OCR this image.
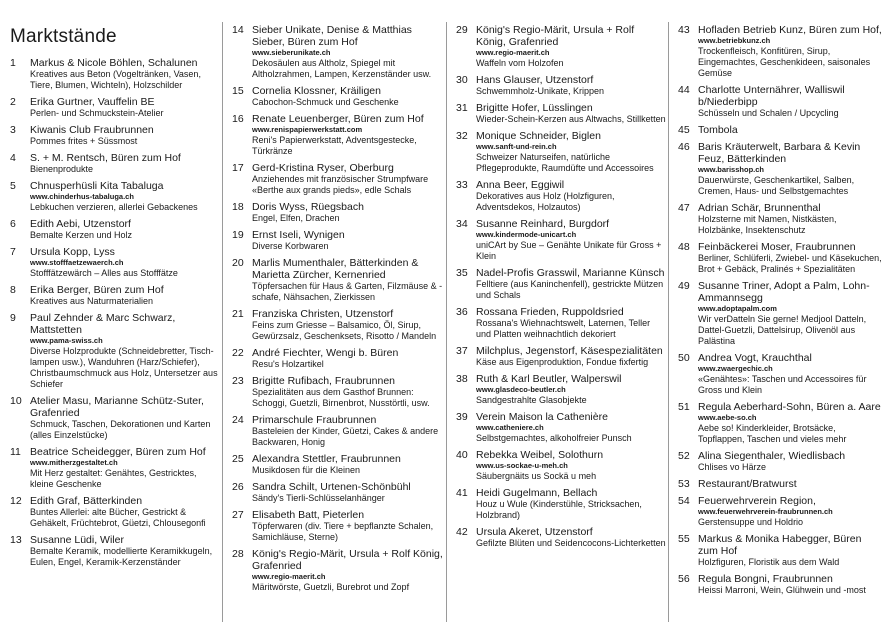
Marktstände
1	Markus & Nicole Böhlen, Schalunen
Kreatives aus Beton (Vogeltränken, Vasen, Tiere, Blumen, Wichteln), Holzschilder
2	Erika Gurtner, Vauffelin BE
Perlen- und Schmuckstein-Atelier
3	Kiwanis Club Fraubrunnen
Pommes frites + Süssmost
4	S. + M. Rentsch, Büren zum Hof
Bienenprodukte
5	Chnusperhüsli Kita Tabaluga
www.chinderhus-tabaluga.ch
Lebkuchen verzieren, allerlei Gebackenes
6	Edith Aebi, Utzenstorf
Bemalte Kerzen und Holz
7	Ursula Kopp, Lyss
www.stofffaetzewaerch.ch
Stofffätzewärch – Alles aus Stofffätze
8	Erika Berger, Büren zum Hof
Kreatives aus Naturmaterialien
9	Paul Zehnder & Marc Schwarz, Mattstetten
www.pama-swiss.ch
Diverse Holzprodukte (Schneidebretter, Tisch-lampen usw.), Wanduhren (Harz/Schiefer), Christbaumschmuck aus Holz, Untersetzer aus Schiefer
10 Atelier Masu, Marianne Schütz-Suter, Grafenried
Schmuck, Taschen, Dekorationen und Karten (alles Einzelstücke)
11 Beatrice Scheidegger, Büren zum Hof
www.mitherzgestaltet.ch
Mit Herz gestaltet: Genähtes, Gestricktes, kleine Geschenke
12 Edith Graf, Bätterkinden
Buntes Allerlei: alte Bücher, Gestrickt & Gehäkelt, Früchtebrot, Güetzi, Chlousegonfi
13 Susanne Lüdi, Wiler
Bemalte Keramik, modellierte Keramikkugeln, Eulen, Engel, Keramik-Kerzenständer
14 Sieber Unikate, Denise & Matthias Sieber, Büren zum Hof
www.sieberunikate.ch
Dekosäulen aus Altholz, Spiegel mit Altholzrahmen, Lampen, Kerzenständer usw.
15 Cornelia Klossner, Kräiligen
Cabochon-Schmuck und Geschenke
16 Renate Leuenberger, Büren zum Hof
www.renispapierwerkstatt.com
Reni's Papierwerkstatt, Adventsgestecke, Türkränze
17 Gerd-Kristina Ryser, Oberburg
Anziehendes mit französischer Strumpfware «Berthe aux grands pieds», edle Schals
18 Doris Wyss, Rüegsbach
Engel, Elfen, Drachen
19 Ernst Iseli, Wynigen
Diverse Korbwaren
20 Marlis Mumenthaler, Bätterkinden & Marietta Zürcher, Kernenried
Töpfersachen für Haus & Garten, Filzmäuse & -schafe, Nähsachen, Zierkissen
21 Franziska Christen, Utzenstorf
Feins zum Griesse – Balsamico, Öl, Sirup, Gewürzsalz, Geschenksets, Risotto / Mandeln
22 André Fiechter, Wengi b. Büren
Resu's Holzartikel
23 Brigitte Rufibach, Fraubrunnen
Spezialitäten aus dem Gasthof Brunnen: Schoggi, Guetzli, Birnenbrot, Nusstörtli, usw.
24 Primarschule Fraubrunnen
Basteleien der Kinder, Güetzi, Cakes & andere Backwaren, Honig
25 Alexandra Stettler, Fraubrunnen
Musikdosen für die Kleinen
26 Sandra Schilt, Urtenen-Schönbühl
Sändy's Tierli-Schlüsselanhänger
27 Elisabeth Batt, Pieterlen
Töpferwaren (div. Tiere + bepflanzte Schalen, Samichläuse, Sterne)
28 König's Regio-Märit, Ursula + Rolf König, Grafenried
www.regio-maerit.ch
Märitwörste, Guetzli, Burebrot und Zopf
29 König's Regio-Märit, Ursula + Rolf König, Grafenried
www.regio-maerit.ch
Waffeln vom Holzofen
30 Hans Glauser, Utzenstorf
Schwemmholz-Unikate, Krippen
31 Brigitte Hofer, Lüsslingen
Wieder-Schein-Kerzen aus Altwachs, Stillketten
32 Monique Schneider, Biglen
www.sanft-und-rein.ch
Schweizer Naturseifen, natürliche Pflegeprodukte, Raumdüfte und Accessoires
33 Anna Beer, Eggiwil
Dekoratives aus Holz (Holzfiguren, Adventsdekos, Holzautos)
34 Susanne Reinhard, Burgdorf
www.kindermode-unicart.ch
uniCArt by Sue – Genähte Unikate für Gross + Klein
35 Nadel-Profis Grasswil, Marianne Künsch
Felltiere (aus Kaninchenfell), gestrickte Mützen und Schals
36 Rossana Frieden, Ruppoldsried
Rossana's Wiehnachtswelt, Laternen, Teller und Platten weihnachtlich dekoriert
37 Milchplus, Jegenstorf, Käsespezialitäten
Käse aus Eigenproduktion, Fondue fixfertig
38 Ruth & Karl Beutler, Walperswil
www.glasdeco-beutler.ch
Sandgestrahlte Glasobjekte
39 Verein Maison la Cathenière
www.catheniere.ch
Selbstgemachtes, alkoholfreier Punsch
40 Rebekka Weibel, Solothurn
www.us-sockae-u-meh.ch
Säubergnäits us Sockä u meh
41 Heidi Gugelmann, Bellach
Houz u Wule (Kinderstühle, Stricksachen, Holzbrand)
42 Ursula Akeret, Utzenstorf
Gefilzte Blüten und Seidencocons-Lichterketten
43 Hofladen Betrieb Kunz, Büren zum Hof,
www.betriebkunz.ch
Trockenfleisch, Konfitüren, Sirup, Eingemachtes, Geschenkideen, saisonales Gemüse
44 Charlotte Unternährer, Walliswil b/Niederbipp
Schüsseln und Schalen / Upcycling
45 Tombola
46 Baris Kräuterwelt, Barbara & Kevin Feuz, Bätterkinden
www.barisshop.ch
Dauerwürste, Geschenkartikel, Salben, Cremen, Haus- und Selbstgemachtes
47 Adrian Schär, Brunnenthal
Holzsterne mit Namen, Nistkästen, Holzbänke, Insektenschutz
48 Feinbäckerei Moser, Fraubrunnen
Berliner, Schlüferli, Zwiebel- und Käsekuchen, Brot + Gebäck, Pralinés + Spezialitäten
49 Susanne Triner, Adopt a Palm, Lohn-Ammannsegg
www.adoptapalm.com
Wir verDatteln Sie gerne! Medjool Datteln, Dattel-Guetzli, Dattelsirup, Olivenöl aus Palästina
50 Andrea Vogt, Krauchthal
www.zwaergechic.ch
«Genähtes»: Taschen und Accessoires für Gross und Klein
51 Regula Aeberhard-Sohn, Büren a. Aare
www.aebe-so.ch
Aebe so! Kinderkleider, Brotsäcke, Topflappen, Taschen und vieles mehr
52 Alina Siegenthaler, Wiedlisbach
Chlises vo Härze
53 Restaurant/Bratwurst
54 Feuerwehrverein Region,
www.feuerwehrverein-fraubrunnen.ch
Gerstensuppe und Holdrio
55 Markus & Monika Habegger, Büren zum Hof
Holzfiguren, Floristik aus dem Wald
56 Regula Bongni, Fraubrunnen
Heissi Marroni, Wein, Glühwein und -most
